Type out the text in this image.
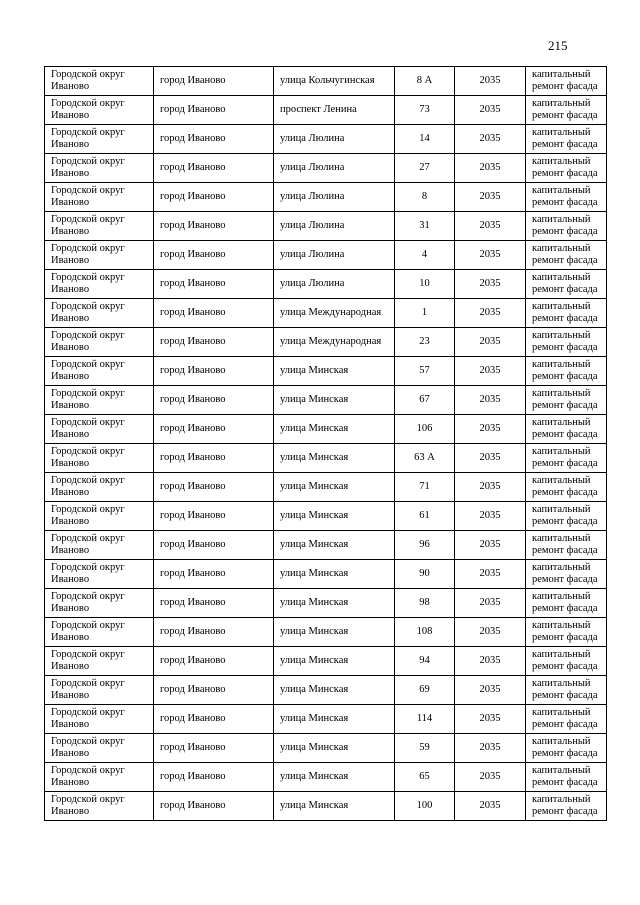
215
Городской округ Иваново	город Иваново	улица Кольчугинская	8 А	2035	капитальный ремонт фасада
Городской округ Иваново	город Иваново	проспект Ленина	73	2035	капитальный ремонт фасада
Городской округ Иваново	город Иваново	улица Люлина	14	2035	капитальный ремонт фасада
Городской округ Иваново	город Иваново	улица Люлина	27	2035	капитальный ремонт фасада
Городской округ Иваново	город Иваново	улица Люлина	8	2035	капитальный ремонт фасада
Городской округ Иваново	город Иваново	улица Люлина	31	2035	капитальный ремонт фасада
Городской округ Иваново	город Иваново	улица Люлина	4	2035	капитальный ремонт фасада
Городской округ Иваново	город Иваново	улица Люлина	10	2035	капитальный ремонт фасада
Городской округ Иваново	город Иваново	улица Международная	1	2035	капитальный ремонт фасада
Городской округ Иваново	город Иваново	улица Международная	23	2035	капитальный ремонт фасада
Городской округ Иваново	город Иваново	улица Минская	57	2035	капитальный ремонт фасада
Городской округ Иваново	город Иваново	улица Минская	67	2035	капитальный ремонт фасада
Городской округ Иваново	город Иваново	улица Минская	106	2035	капитальный ремонт фасада
Городской округ Иваново	город Иваново	улица Минская	63 А	2035	капитальный ремонт фасада
Городской округ Иваново	город Иваново	улица Минская	71	2035	капитальный ремонт фасада
Городской округ Иваново	город Иваново	улица Минская	61	2035	капитальный ремонт фасада
Городской округ Иваново	город Иваново	улица Минская	96	2035	капитальный ремонт фасада
Городской округ Иваново	город Иваново	улица Минская	90	2035	капитальный ремонт фасада
Городской округ Иваново	город Иваново	улица Минская	98	2035	капитальный ремонт фасада
Городской округ Иваново	город Иваново	улица Минская	108	2035	капитальный ремонт фасада
Городской округ Иваново	город Иваново	улица Минская	94	2035	капитальный ремонт фасада
Городской округ Иваново	город Иваново	улица Минская	69	2035	капитальный ремонт фасада
Городской округ Иваново	город Иваново	улица Минская	114	2035	капитальный ремонт фасада
Городской округ Иваново	город Иваново	улица Минская	59	2035	капитальный ремонт фасада
Городской округ Иваново	город Иваново	улица Минская	65	2035	капитальный ремонт фасада
Городской округ Иваново	город Иваново	улица Минская	100	2035	капитальный ремонт фасада
